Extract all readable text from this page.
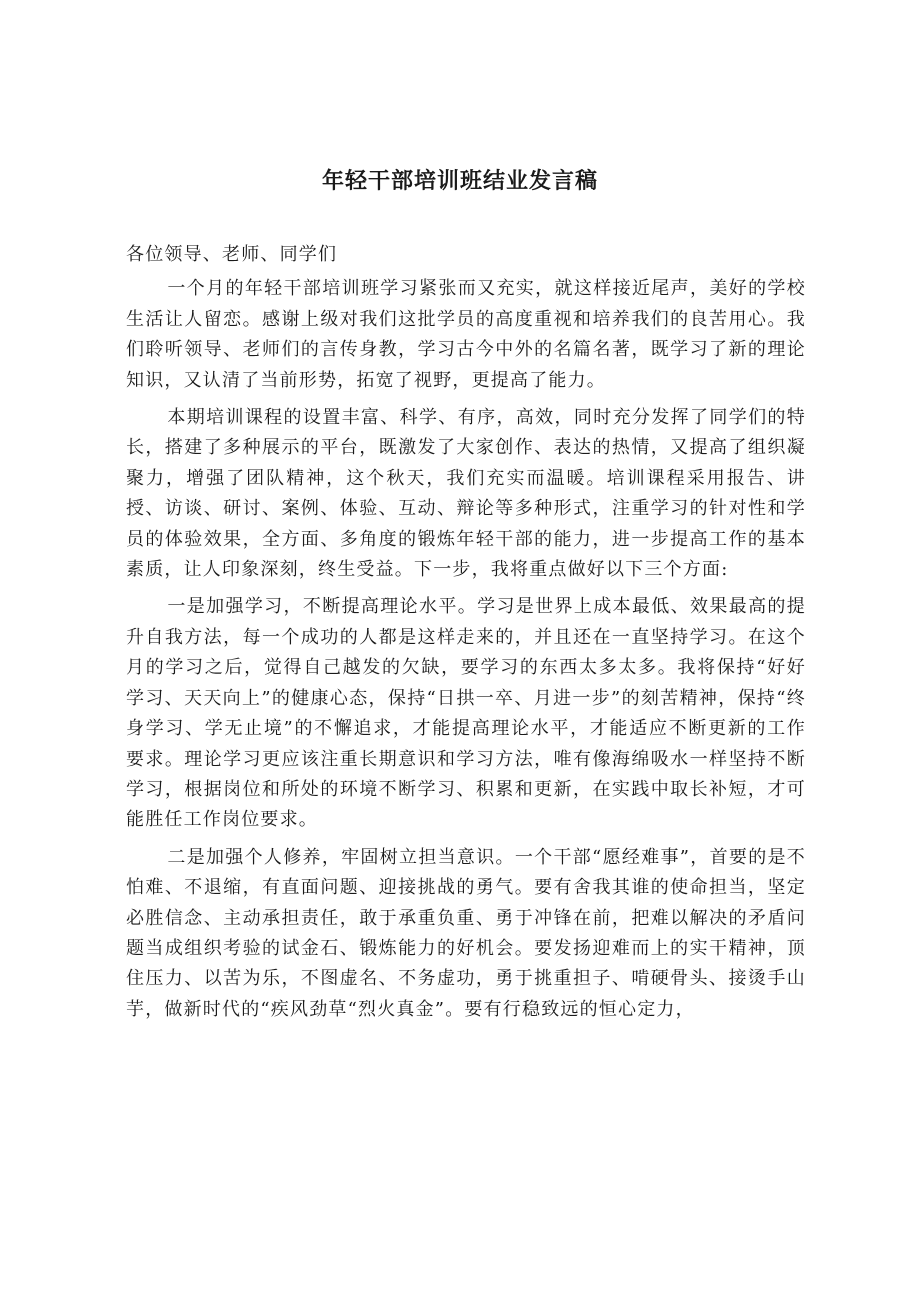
年轻干部培训班结业发言稿

各位领导、老师、同学们

一个月的年轻干部培训班学习紧张而又充实，就这样接近尾声，美好的学校生活让人留恋。感谢上级对我们这批学员的高度重视和培养我们的良苦用心。我们聆听领导、老师们的言传身教，学习古今中外的名篇名著，既学习了新的理论知识，又认清了当前形势，拓宽了视野，更提高了能力。

本期培训课程的设置丰富、科学、有序，高效，同时充分发挥了同学们的特长，搭建了多种展示的平台，既激发了大家创作、表达的热情，又提高了组织凝聚力，增强了团队精神，这个秋天，我们充实而温暖。培训课程采用报告、讲授、访谈、研讨、案例、体验、互动、辩论等多种形式，注重学习的针对性和学员的体验效果，全方面、多角度的锻炼年轻干部的能力，进一步提高工作的基本素质，让人印象深刻，终生受益。下一步，我将重点做好以下三个方面:

一是加强学习，不断提高理论水平。学习是世界上成本最低、效果最高的提升自我方法，每一个成功的人都是这样走来的，并且还在一直坚持学习。在这个月的学习之后，觉得自己越发的欠缺，要学习的东西太多太多。我将保持“好好学习、天天向上”的健康心态，保持“日拱一卒、月进一步”的刻苦精神，保持“终身学习、学无止境”的不懈追求，才能提高理论水平，才能适应不断更新的工作要求。理论学习更应该注重长期意识和学习方法，唯有像海绵吸水一样坚持不断学习，根据岗位和所处的环境不断学习、积累和更新，在实践中取长补短，才可能胜任工作岗位要求。

二是加强个人修养，牢固树立担当意识。一个干部“愿经难事”，首要的是不怕难、不退缩，有直面问题、迎接挑战的勇气。要有舍我其谁的使命担当，坚定必胜信念、主动承担责任，敢于承重负重、勇于冲锋在前，把难以解决的矛盾问题当成组织考验的试金石、锻炼能力的好机会。要发扬迎难而上的实干精神，顶住压力、以苦为乐，不图虚名、不务虚功，勇于挑重担子、啃硬骨头、接烫手山芋，做新时代的“疾风劲草“烈火真金”。要有行稳致远的恒心定力，
